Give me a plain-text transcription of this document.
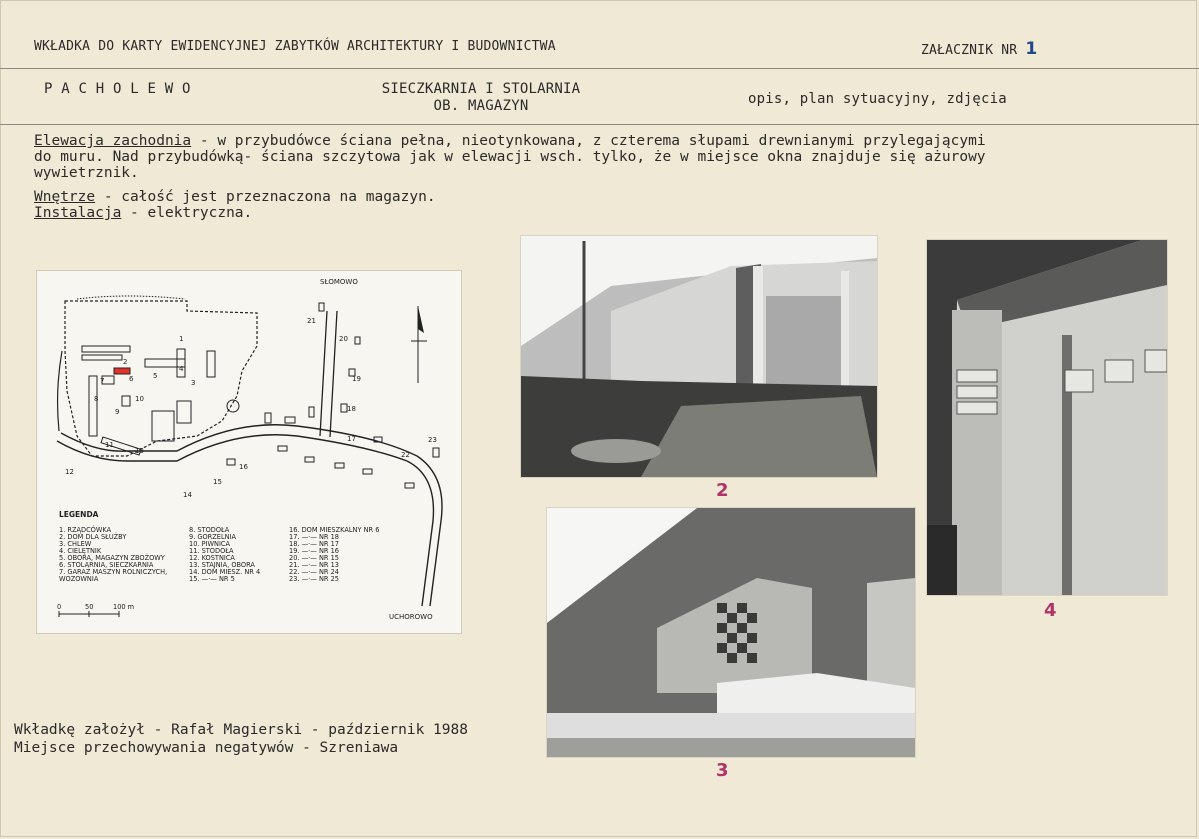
WKŁADKA DO KARTY EWIDENCYJNEJ ZABYTKÓW ARCHITEKTURY I BUDOWNICTWA	ZAŁACZNIK NR 1
P A C H O L E W O	SIECZKARNIA I STOLARNIA
OB. MAGAZYN	opis, plan sytuacyjny, zdjęcia
Elewacja zachodnia - w przybudówce ściana pełna, nieotynkowana, z czterema słupami drewnianymi przylegającymi
do muru. Nad przybudówką- ściana szczytowa jak w elewacji wsch. tylko, że w miejsce okna znajduje się ażurowy
wywietrznik.
Wnętrze - całość jest przeznaczona na magazyn.
Instalacja - elektryczna.
SŁOMOWO
UCHOROWO
1
2
3
4
5
6
7
8
9
10
11
12
13
14
15
16
17
18
19
20
21
22
23
LEGENDA
1. RZĄDCÓWKA
2. DOM DLA SŁUŻBY
3. CHLEW
4. CIELĘTNIK
5. OBORA, MAGAZYN ZBOŻOWY
6. STOLARNIA, SIECZKARNIA
7. GARAŻ MASZYN ROLNICZYCH,
WOZOWNIA
8. STODOŁA
9. GORZELNIA
10. PIWNICA
11. STODOŁA
12. KOSTNICA
13. STAJNIA, OBORA
14. DOM MIESZ. NR 4
15. —·— NR 5
16. DOM MIESZKALNY NR 6
17. —·— NR 18
18. —·— NR 17
19. —·— NR 16
20. —·— NR 15
21. —·— NR 13
22. —·— NR 24
23. —·— NR 25
0	50	100 m
2
3
4
Wkładkę założył - Rafał Magierski - październik 1988
Miejsce przechowywania negatywów - Szreniawa
